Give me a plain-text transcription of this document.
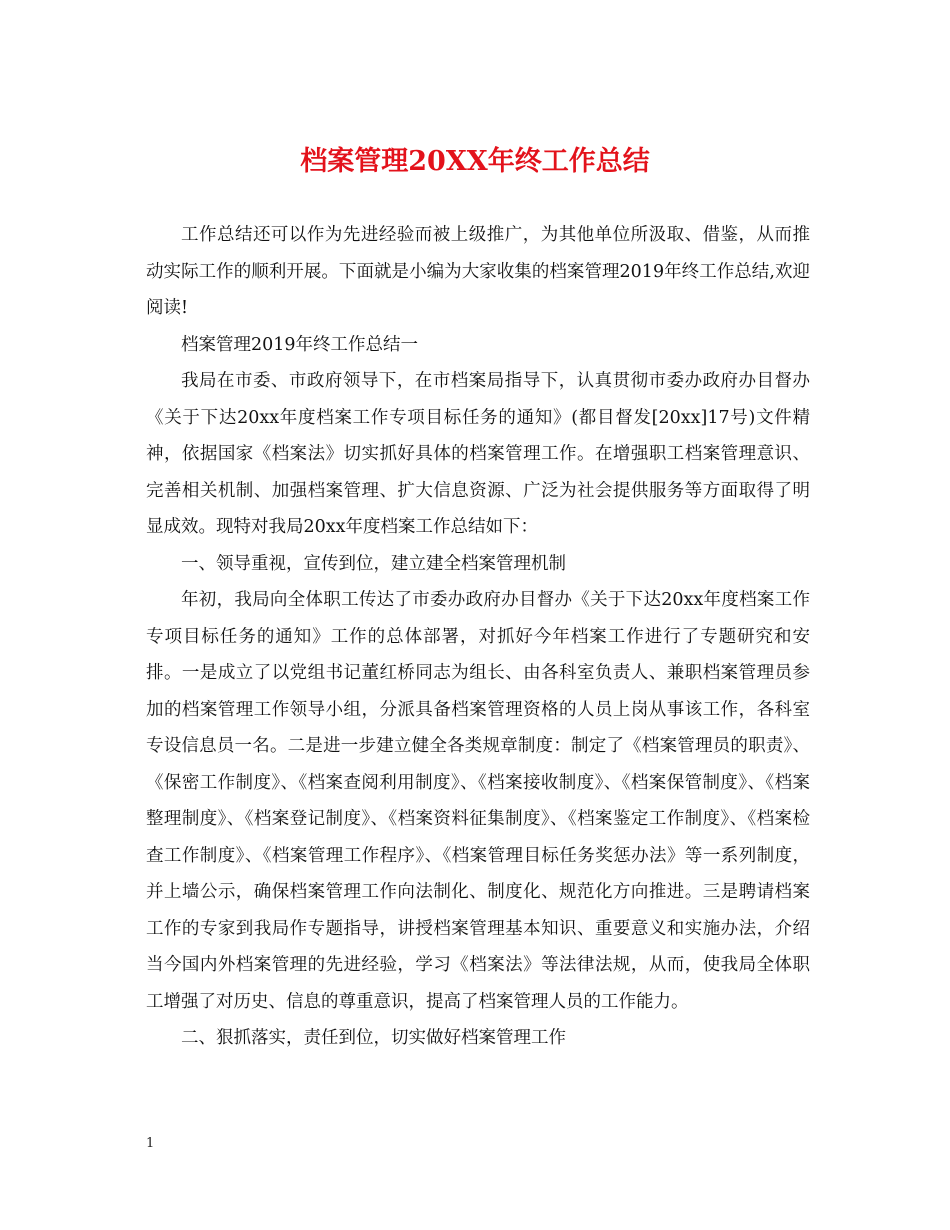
档案管理20XX年终工作总结

工作总结还可以作为先进经验而被上级推广，为其他单位所汲取、借鉴，从而推动实际工作的顺利开展。下面就是小编为大家收集的档案管理2019年终工作总结,欢迎阅读!

档案管理2019年终工作总结一

我局在市委、市政府领导下，在市档案局指导下，认真贯彻市委办政府办目督办《关于下达20xx年度档案工作专项目标任务的通知》(都目督发[20xx]17号)文件精神，依据国家《档案法》切实抓好具体的档案管理工作。在增强职工档案管理意识、完善相关机制、加强档案管理、扩大信息资源、广泛为社会提供服务等方面取得了明显成效。现特对我局20xx年度档案工作总结如下：

一、领导重视，宣传到位，建立建全档案管理机制

年初，我局向全体职工传达了市委办政府办目督办《关于下达20xx年度档案工作专项目标任务的通知》工作的总体部署，对抓好今年档案工作进行了专题研究和安排。一是成立了以党组书记董红桥同志为组长、由各科室负责人、兼职档案管理员参加的档案管理工作领导小组，分派具备档案管理资格的人员上岗从事该工作，各科室专设信息员一名。二是进一步建立健全各类规章制度：制定了《档案管理员的职责》、《保密工作制度》、《档案查阅利用制度》、《档案接收制度》、《档案保管制度》、《档案整理制度》、《档案登记制度》、《档案资料征集制度》、《档案鉴定工作制度》、《档案检查工作制度》、《档案管理工作程序》、《档案管理目标任务奖惩办法》等一系列制度，并上墙公示，确保档案管理工作向法制化、制度化、规范化方向推进。三是聘请档案工作的专家到我局作专题指导，讲授档案管理基本知识、重要意义和实施办法，介绍当今国内外档案管理的先进经验，学习《档案法》等法律法规，从而，使我局全体职工增强了对历史、信息的尊重意识，提高了档案管理人员的工作能力。

二、狠抓落实，责任到位，切实做好档案管理工作

1
